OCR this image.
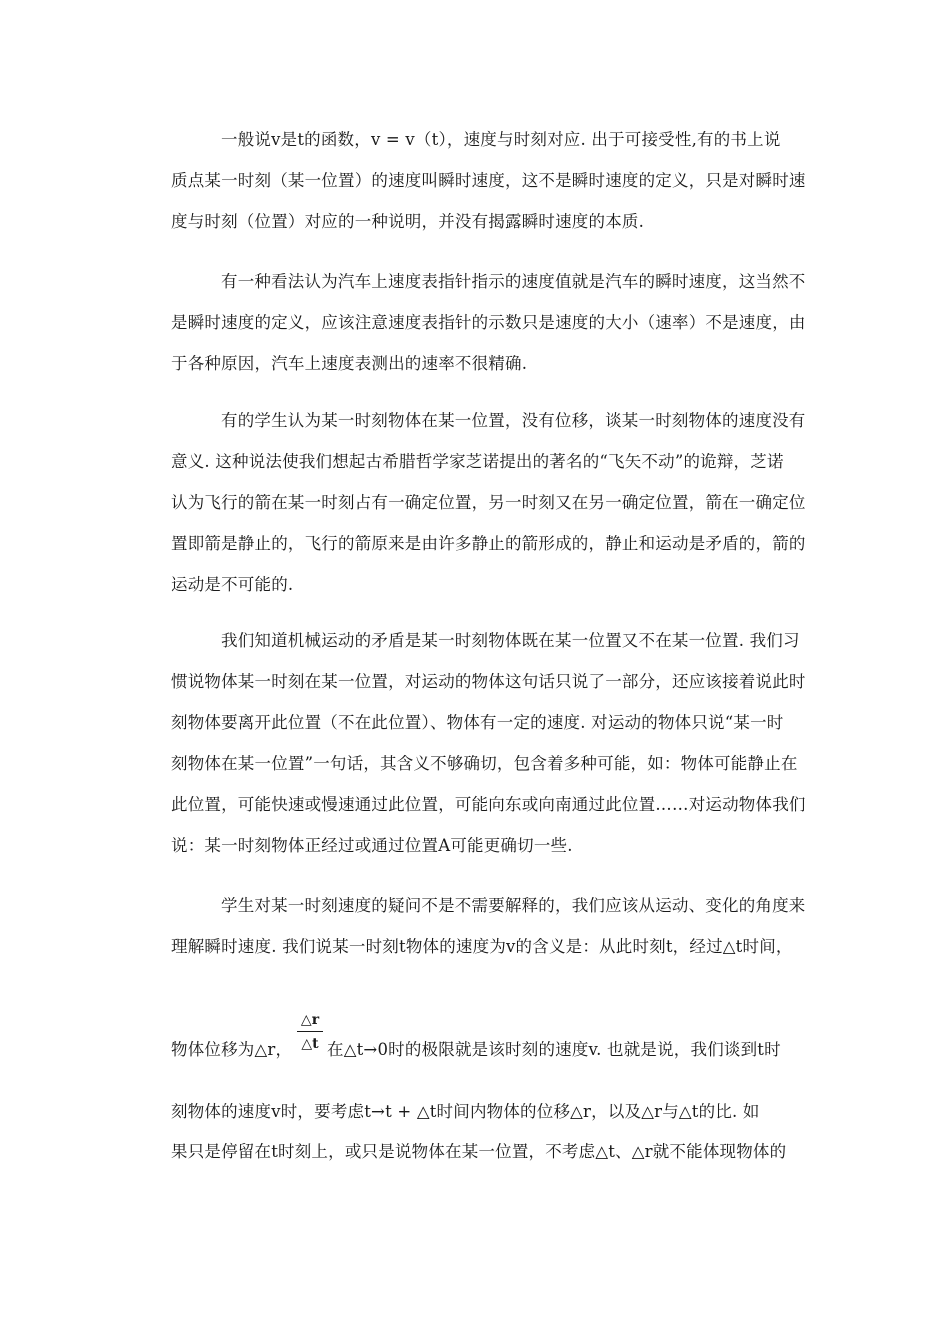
一般说v是t的函数，v = v（t），速度与时刻对应. 出于可接受性,有的书上说
质点某一时刻（某一位置）的速度叫瞬时速度，这不是瞬时速度的定义，只是对瞬时速
度与时刻（位置）对应的一种说明，并没有揭露瞬时速度的本质.
有一种看法认为汽车上速度表指针指示的速度值就是汽车的瞬时速度，这当然不
是瞬时速度的定义，应该注意速度表指针的示数只是速度的大小（速率）不是速度，由
于各种原因，汽车上速度表测出的速率不很精确.
有的学生认为某一时刻物体在某一位置，没有位移，谈某一时刻物体的速度没有
意义. 这种说法使我们想起古希腊哲学家芝诺提出的著名的“飞矢不动”的诡辩，芝诺
认为飞行的箭在某一时刻占有一确定位置，另一时刻又在另一确定位置，箭在一确定位
置即箭是静止的，飞行的箭原来是由许多静止的箭形成的，静止和运动是矛盾的，箭的
运动是不可能的.
我们知道机械运动的矛盾是某一时刻物体既在某一位置又不在某一位置. 我们习
惯说物体某一时刻在某一位置，对运动的物体这句话只说了一部分，还应该接着说此时
刻物体要离开此位置（不在此位置）、物体有一定的速度. 对运动的物体只说“某一时
刻物体在某一位置”一句话，其含义不够确切，包含着多种可能，如：物体可能静止在
此位置，可能快速或慢速通过此位置，可能向东或向南通过此位置……对运动物体我们
说：某一时刻物体正经过或通过位置A可能更确切一些.
学生对某一时刻速度的疑问不是不需要解释的，我们应该从运动、变化的角度来
理解瞬时速度. 我们说某一时刻t物体的速度为v的含义是：从此时刻t，经过△t时间，
物体位移为△r，
△r
△t 在△t→0时的极限就是该时刻的速度v. 也就是说，我们谈到t时
刻物体的速度v时，要考虑t→t + △t时间内物体的位移△r，以及△r与△t的比. 如
果只是停留在t时刻上，或只是说物体在某一位置，不考虑△t、△r就不能体现物体的
